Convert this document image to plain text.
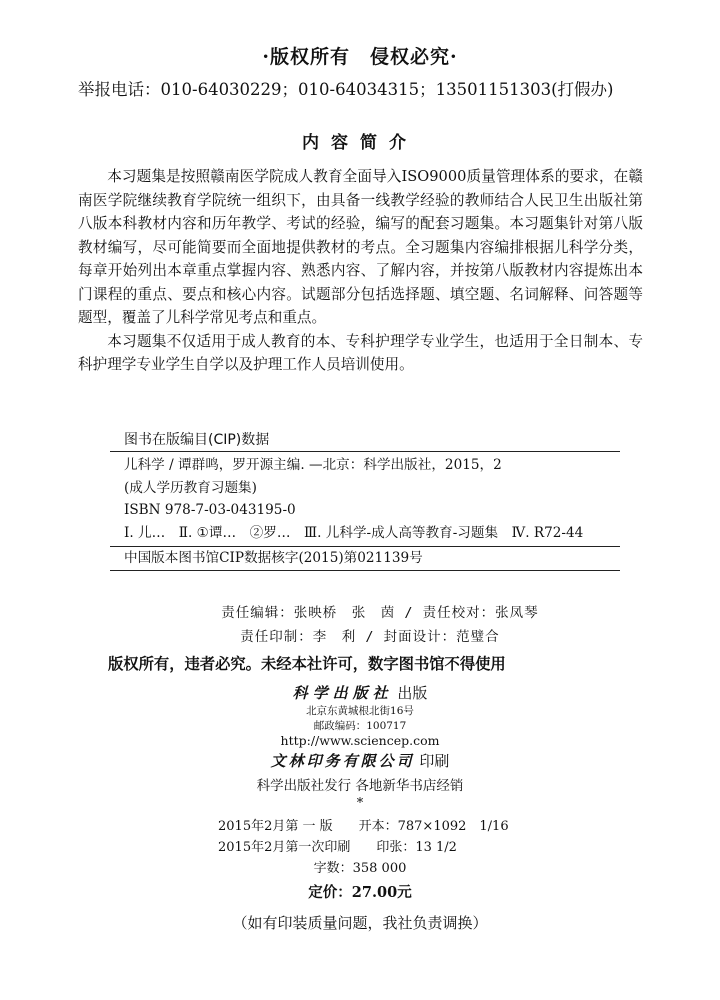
·版权所有　侵权必究·
举报电话：010-64030229；010-64034315；13501151303(打假办)
内容简介

本习题集是按照赣南医学院成人教育全面导入ISO9000质量管理体系的要求，在赣南医学院继续教育学院统一组织下，由具备一线教学经验的教师结合人民卫生出版社第八版本科教材内容和历年教学、考试的经验，编写的配套习题集。本习题集针对第八版教材编写，尽可能简要而全面地提供教材的考点。全习题集内容编排根据儿科学分类，每章开始列出本章重点掌握内容、熟悉内容、了解内容，并按第八版教材内容提炼出本门课程的重点、要点和核心内容。试题部分包括选择题、填空题、名词解释、问答题等题型，覆盖了儿科学常见考点和重点。

本习题集不仅适用于成人教育的本、专科护理学专业学生，也适用于全日制本、专科护理学专业学生自学以及护理工作人员培训使用。

图书在版编目(CIP)数据
儿科学 / 谭群鸣，罗开源主编. —北京：科学出版社，2015，2
(成人学历教育习题集)
ISBN 978-7-03-043195-0
Ⅰ. 儿…　Ⅱ. ①谭…　②罗…　Ⅲ. 儿科学-成人高等教育-习题集　Ⅳ. R72-44
中国版本图书馆CIP数据核字(2015)第021139号
责任编辑：张映桥　张　茵 / 责任校对：张凤琴
责任印制：李　利 / 封面设计：范璧合
版权所有，违者必究。未经本社许可，数字图书馆不得使用
科学出版社 出版
北京东黄城根北街16号
邮政编码：100717
http://www.sciencep.com
文林印务有限公司 印刷
科学出版社发行 各地新华书店经销
*
2015年2月第 一 版　　开本：787×1092　1/16
2015年2月第一次印刷　　印张：13 1/2
字数：358 000
定价：27.00元
（如有印装质量问题，我社负责调换）
